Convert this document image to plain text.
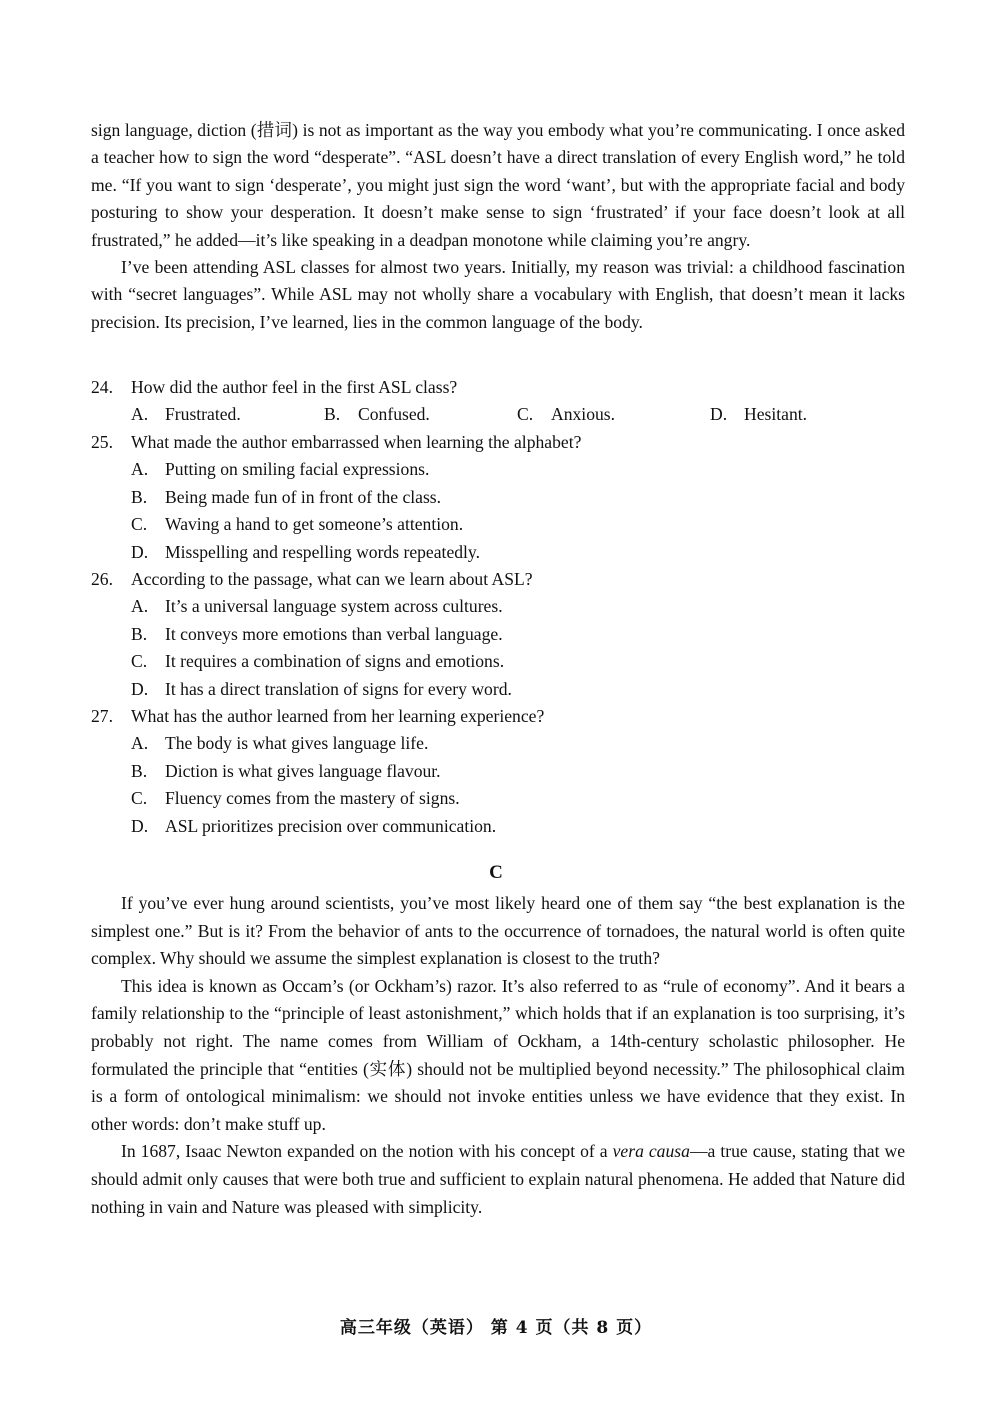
sign language, diction (措词) is not as important as the way you embody what you’re communicating. I once asked a teacher how to sign the word “desperate”. “ASL doesn’t have a direct translation of every English word,” he told me. “If you want to sign ‘desperate’, you might just sign the word ‘want’, but with the appropriate facial and body posturing to show your desperation. It doesn’t make sense to sign ‘frustrated’ if your face doesn’t look at all frustrated,” he added—it’s like speaking in a deadpan monotone while claiming you’re angry.

I’ve been attending ASL classes for almost two years. Initially, my reason was trivial: a childhood fascination with “secret languages”. While ASL may not wholly share a vocabulary with English, that doesn’t mean it lacks precision. Its precision, I’ve learned, lies in the common language of the body.

24.	How did the author feel in the first ASL class?
A. Frustrated.	B. Confused.	C. Anxious.	D. Hesitant.
25.	What made the author embarrassed when learning the alphabet?
A. Putting on smiling facial expressions.
B. Being made fun of in front of the class.
C. Waving a hand to get someone’s attention.
D. Misspelling and respelling words repeatedly.
26.	According to the passage, what can we learn about ASL?
A. It’s a universal language system across cultures.
B. It conveys more emotions than verbal language.
C. It requires a combination of signs and emotions.
D. It has a direct translation of signs for every word.
27.	What has the author learned from her learning experience?
A. The body is what gives language life.
B. Diction is what gives language flavour.
C. Fluency comes from the mastery of signs.
D. ASL prioritizes precision over communication.
C

If you’ve ever hung around scientists, you’ve most likely heard one of them say “the best explanation is the simplest one.” But is it? From the behavior of ants to the occurrence of tornadoes, the natural world is often quite complex. Why should we assume the simplest explanation is closest to the truth?

This idea is known as Occam’s (or Ockham’s) razor. It’s also referred to as “rule of economy”. And it bears a family relationship to the “principle of least astonishment,” which holds that if an explanation is too surprising, it’s probably not right. The name comes from William of Ockham, a 14th-century scholastic philosopher. He formulated the principle that “entities (实体) should not be multiplied beyond necessity.” The philosophical claim is a form of ontological minimalism: we should not invoke entities unless we have evidence that they exist. In other words: don’t make stuff up.

In 1687, Isaac Newton expanded on the notion with his concept of a vera causa—a true cause, stating that we should admit only causes that were both true and sufficient to explain natural phenomena. He added that Nature did nothing in vain and Nature was pleased with simplicity.

高三年级（英语） 第 4 页（共 8 页）
